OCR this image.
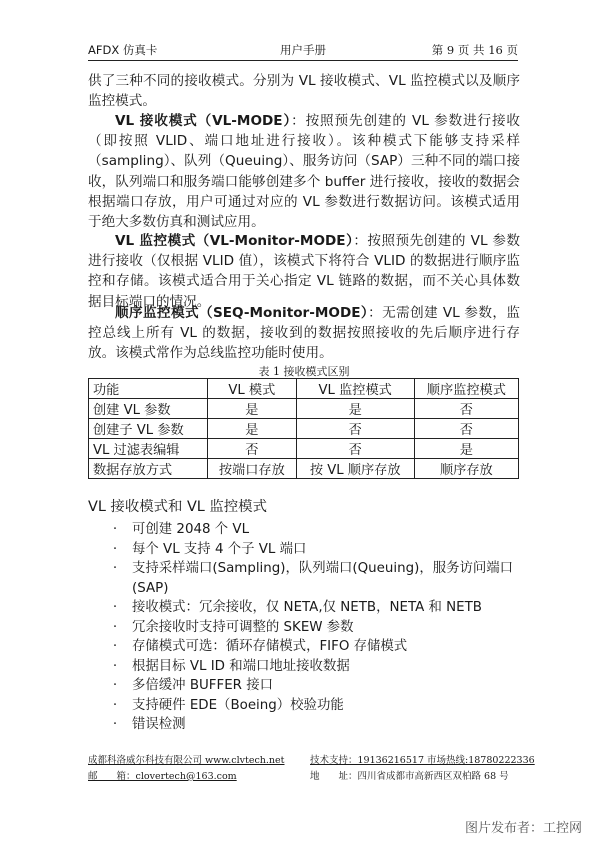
AFDX 仿真卡	用户手册	第 9 页 共 16 页
供了三种不同的接收模式。分别为 VL 接收模式、VL 监控模式以及顺序监控模式。
VL 接收模式（VL-MODE）：按照预先创建的 VL 参数进行接收（即按照 VLID、端口地址进行接收）。该种模式下能够支持采样（sampling）、队列（Queuing）、服务访问（SAP）三种不同的端口接收，队列端口和服务端口能够创建多个 buffer 进行接收，接收的数据会根据端口存放，用户可通过对应的 VL 参数进行数据访问。该模式适用于绝大多数仿真和测试应用。
VL 监控模式（VL-Monitor-MODE）：按照预先创建的 VL 参数进行接收（仅根据 VLID 值），该模式下将符合 VLID 的数据进行顺序监控和存储。该模式适合用于关心指定 VL 链路的数据，而不关心具体数据目标端口的情况。
顺序监控模式（SEQ-Monitor-MODE）：无需创建 VL 参数，监控总线上所有 VL 的数据，接收到的数据按照接收的先后顺序进行存放。该模式常作为总线监控功能时使用。
表 1 接收模式区别
功能	VL 模式	VL 监控模式	顺序监控模式
创建 VL 参数	是	是	否
创建子 VL 参数	是	否	否
VL 过滤表编辑	否	否	是
数据存放方式	按端口存放	按 VL 顺序存放	顺序存放
VL 接收模式和 VL 监控模式
·	可创建 2048 个 VL
·	每个 VL 支持 4 个子 VL 端口
·	支持采样端口(Sampling)，队列端口(Queuing)，服务访问端口(SAP)
·	接收模式：冗余接收，仅 NETA,仅 NETB，NETA 和 NETB
·	冗余接收时支持可调整的 SKEW 参数
·	存储模式可选：循环存储模式，FIFO 存储模式
·	根据目标 VL ID 和端口地址接收数据
·	多倍缓冲 BUFFER 接口
·	支持硬件 EDE（Boeing）校验功能
·	错误检测
成都科洛威尔科技有限公司 www.clvtech.net	技术支持：19136216517 市场热线:18780222336
邮　　箱：clovertech@163.com	地　　址：四川省成都市高新西区双柏路 68 号
图片发布者：工控网
